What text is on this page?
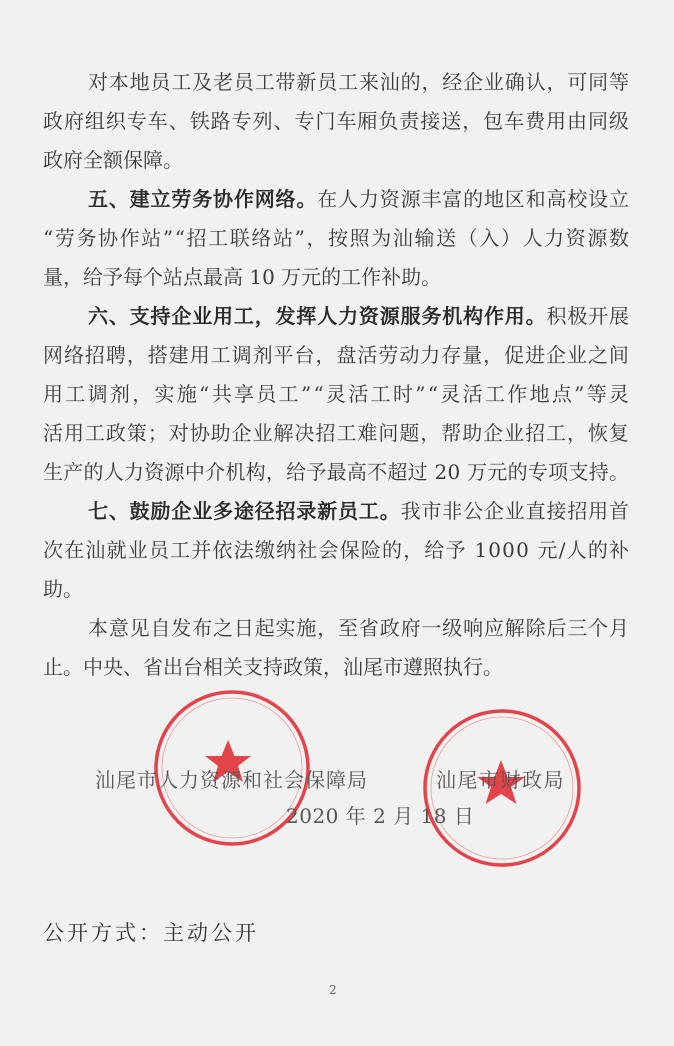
对本地员工及老员工带新员工来汕的，经企业确认，可同等
政府组织专车、铁路专列、专门车厢负责接送，包车费用由同级
政府全额保障。
五、建立劳务协作网络。在人力资源丰富的地区和高校设立
“劳务协作站”“招工联络站”，按照为汕输送（入）人力资源数
量，给予每个站点最高 10 万元的工作补助。
六、支持企业用工，发挥人力资源服务机构作用。积极开展
网络招聘，搭建用工调剂平台，盘活劳动力存量，促进企业之间
用工调剂，实施“共享员工”“灵活工时”“灵活工作地点”等灵
活用工政策；对协助企业解决招工难问题，帮助企业招工，恢复
生产的人力资源中介机构，给予最高不超过 20 万元的专项支持。
七、鼓励企业多途径招录新员工。我市非公企业直接招用首
次在汕就业员工并依法缴纳社会保险的，给予 1000 元/人的补
助。
本意见自发布之日起实施，至省政府一级响应解除后三个月
止。中央、省出台相关支持政策，汕尾市遵照执行。
汕尾市人力资源和社会保障局	汕尾市财政局
2020 年 2 月 18 日
公开方式：主动公开
2
